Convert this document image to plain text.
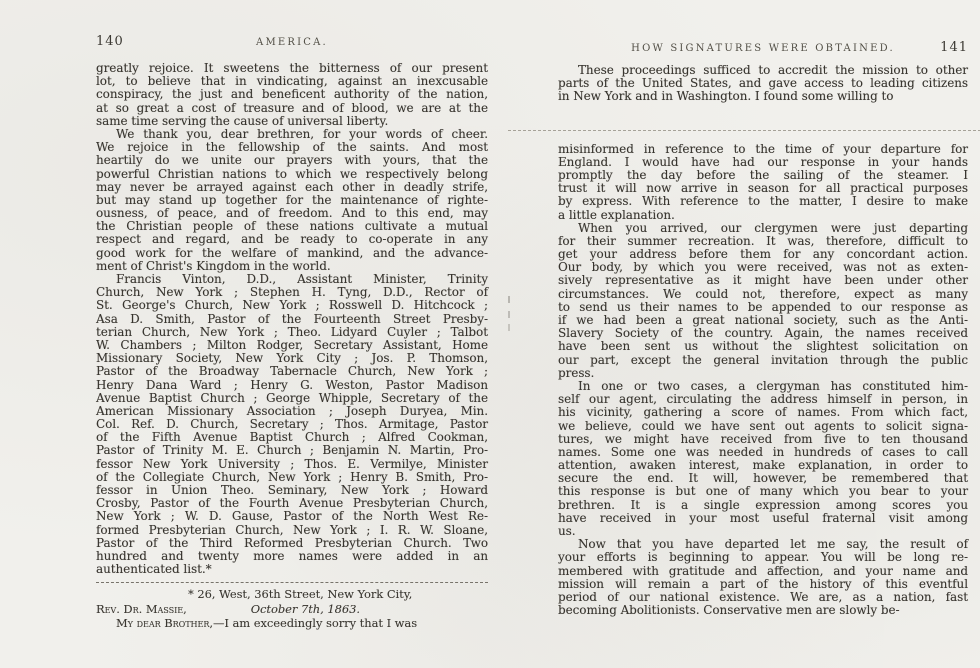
140	AMERICA.
greatly rejoice. It sweetens the bitterness of our present
lot, to believe that in vindicating, against an inexcusable
conspiracy, the just and beneficent authority of the nation,
at so great a cost of treasure and of blood, we are at the
same time serving the cause of universal liberty.
We thank you, dear brethren, for your words of cheer.
We rejoice in the fellowship of the saints. And most
heartily do we unite our prayers with yours, that the
powerful Christian nations to which we respectively belong
may never be arrayed against each other in deadly strife,
but may stand up together for the maintenance of righte-
ousness, of peace, and of freedom. And to this end, may
the Christian people of these nations cultivate a mutual
respect and regard, and be ready to co-operate in any
good work for the welfare of mankind, and the advance-
ment of Christ's Kingdom in the world.
Francis Vinton, D.D., Assistant Minister, Trinity
Church, New York ; Stephen H. Tyng, D.D., Rector of
St. George's Church, New York ; Rosswell D. Hitchcock ;
Asa D. Smith, Pastor of the Fourteenth Street Presby-
terian Church, New York ; Theo. Lidyard Cuyler ; Talbot
W. Chambers ; Milton Rodger, Secretary Assistant, Home
Missionary Society, New York City ; Jos. P. Thomson,
Pastor of the Broadway Tabernacle Church, New York ;
Henry Dana Ward ; Henry G. Weston, Pastor Madison
Avenue Baptist Church ; George Whipple, Secretary of the
American Missionary Association ; Joseph Duryea, Min.
Col. Ref. D. Church, Secretary ; Thos. Armitage, Pastor
of the Fifth Avenue Baptist Church ; Alfred Cookman,
Pastor of Trinity M. E. Church ; Benjamin N. Martin, Pro-
fessor New York University ; Thos. E. Vermilye, Minister
of the Collegiate Church, New York ; Henry B. Smith, Pro-
fessor in Union Theo. Seminary, New York ; Howard
Crosby, Pastor of the Fourth Avenue Presbyterian Church,
New York ; W. D. Gause, Pastor of the North West Re-
formed Presbyterian Church, New York ; I. R. W. Sloane,
Pastor of the Third Reformed Presbyterian Church. Two
hundred and twenty more names were added in an
authenticated list.*
* 26, West, 36th Street, New York City,
Rev. Dr. Massie,	October 7th, 1863.
My dear Brother,—I am exceedingly sorry that I was
HOW SIGNATURES WERE OBTAINED.	141
These proceedings sufficed to accredit the mission to other
parts of the United States, and gave access to leading citizens
in New York and in Washington. I found some willing to
misinformed in reference to the time of your departure for
England. I would have had our response in your hands
promptly the day before the sailing of the steamer. I
trust it will now arrive in season for all practical purposes
by express. With reference to the matter, I desire to make
a little explanation.
When you arrived, our clergymen were just departing
for their summer recreation. It was, therefore, difficult to
get your address before them for any concordant action.
Our body, by which you were received, was not as exten-
sively representative as it might have been under other
circumstances. We could not, therefore, expect as many
to send us their names to be appended to our response as
if we had been a great national society, such as the Anti-
Slavery Society of the country. Again, the names received
have been sent us without the slightest solicitation on
our part, except the general invitation through the public
press.
In one or two cases, a clergyman has constituted him-
self our agent, circulating the address himself in person, in
his vicinity, gathering a score of names. From which fact,
we believe, could we have sent out agents to solicit signa-
tures, we might have received from five to ten thousand
names. Some one was needed in hundreds of cases to call
attention, awaken interest, make explanation, in order to
secure the end. It will, however, be remembered that
this response is but one of many which you bear to your
brethren. It is a single expression among scores you
have received in your most useful fraternal visit among
us.
Now that you have departed let me say, the result of
your efforts is beginning to appear. You will be long re-
membered with gratitude and affection, and your name and
mission will remain a part of the history of this eventful
period of our national existence. We are, as a nation, fast
becoming Abolitionists. Conservative men are slowly be-
